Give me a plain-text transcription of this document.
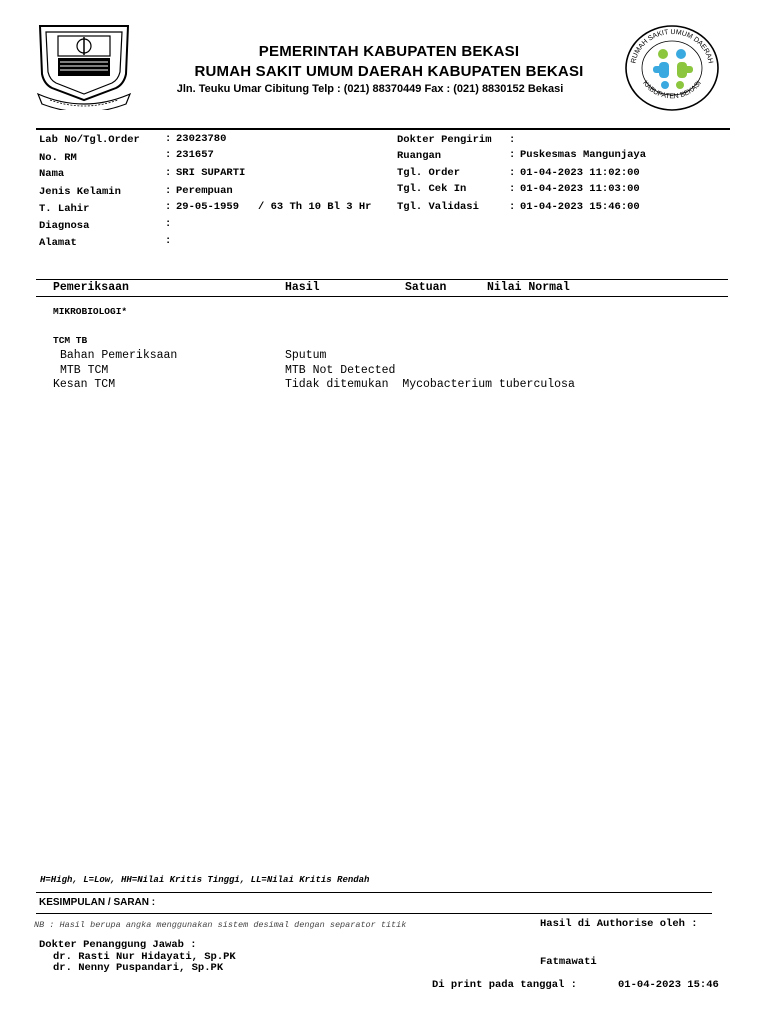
PEMERINTAH KABUPATEN BEKASI
RUMAH SAKIT UMUM DAERAH KABUPATEN BEKASI
Jln. Teuku Umar Cibitung Telp : (021) 88370449 Fax : (021) 8830152 Bekasi
RUMAH SAKIT UMUM DAERAH
KABUPATEN BEKASI
Lab No/Tgl.Order : 23023780
No. RM	: 231657
Nama	: SRI SUPARTI
Jenis Kelamin	: Perempuan
T. Lahir	: 29-05-1959 / 63 Th 10 Bl 3 Hr
Diagnosa	:
Alamat	:
Dokter Pengirim :
Ruangan	: Puskesmas Mangunjaya
Tgl. Order	: 01-04-2023 11:02:00
Tgl. Cek In	: 01-04-2023 11:03:00
Tgl. Validasi	: 01-04-2023 15:46:00
Pemeriksaan	Hasil	Satuan	Nilai Normal
MIKROBIOLOGI*
TCM TB
Bahan Pemeriksaan	Sputum
MTB TCM	MTB Not Detected
Kesan TCM	Tidak ditemukan  Mycobacterium tuberculosa
H=High, L=Low, HH=Nilai Kritis Tinggi, LL=Nilai Kritis Rendah
KESIMPULAN / SARAN :
NB : Hasil berupa angka menggunakan sistem desimal dengan separator titik	Hasil di Authorise oleh :
Fatmawati
Dokter Penanggung Jawab :
dr. Rasti Nur Hidayati, Sp.PK
dr. Nenny Puspandari, Sp.PK
Di print pada tanggal :	01-04-2023 15:46
